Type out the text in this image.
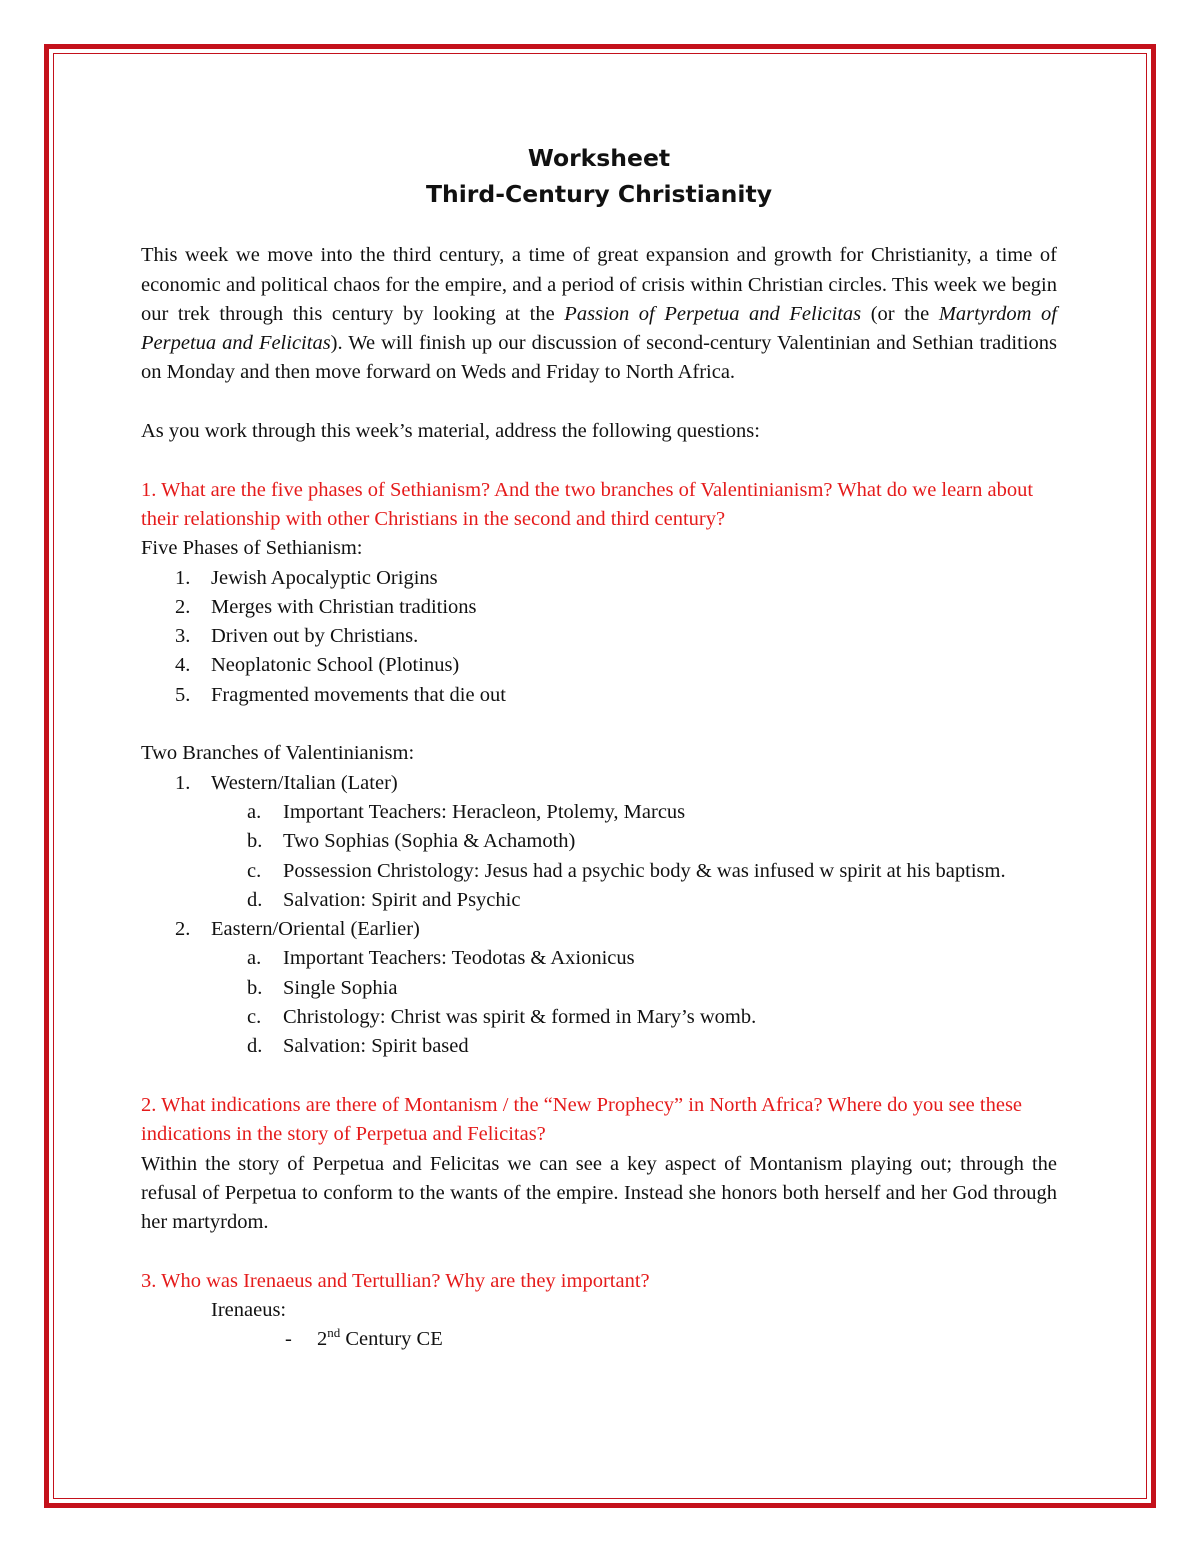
Worksheet
Third-Century Christianity

This week we move into the third century, a time of great expansion and growth for Christianity, a time of economic and political chaos for the empire, and a period of crisis within Christian circles. This week we begin our trek through this century by looking at the Passion of Perpetua and Felicitas (or the Martyrdom of Perpetua and Felicitas). We will finish up our discussion of second-century Valentinian and Sethian traditions on Monday and then move forward on Weds and Friday to North Africa.

As you work through this week’s material, address the following questions:

1. What are the five phases of Sethianism? And the two branches of Valentinianism? What do we learn about their relationship with other Christians in the second and third century?

Five Phases of Sethianism:

1.	Jewish Apocalyptic Origins
2.	Merges with Christian traditions
3.	Driven out by Christians.
4.	Neoplatonic School (Plotinus)
5.	Fragmented movements that die out

Two Branches of Valentinianism:

1.	Western/Italian (Later)
a.	Important Teachers: Heracleon, Ptolemy, Marcus
b.	Two Sophias (Sophia & Achamoth)
c.	Possession Christology: Jesus had a psychic body & was infused w spirit at his baptism.
d.	Salvation: Spirit and Psychic
2.	Eastern/Oriental (Earlier)
a.	Important Teachers: Teodotas & Axionicus
b.	Single Sophia
c.	Christology: Christ was spirit & formed in Mary’s womb.
d.	Salvation: Spirit based

2. What indications are there of Montanism / the “New Prophecy” in North Africa? Where do you see these indications in the story of Perpetua and Felicitas?

Within the story of Perpetua and Felicitas we can see a key aspect of Montanism playing out; through the refusal of Perpetua to conform to the wants of the empire. Instead she honors both herself and her God through her martyrdom.

3. Who was Irenaeus and Tertullian? Why are they important?

Irenaeus:

-	2nd Century CE
